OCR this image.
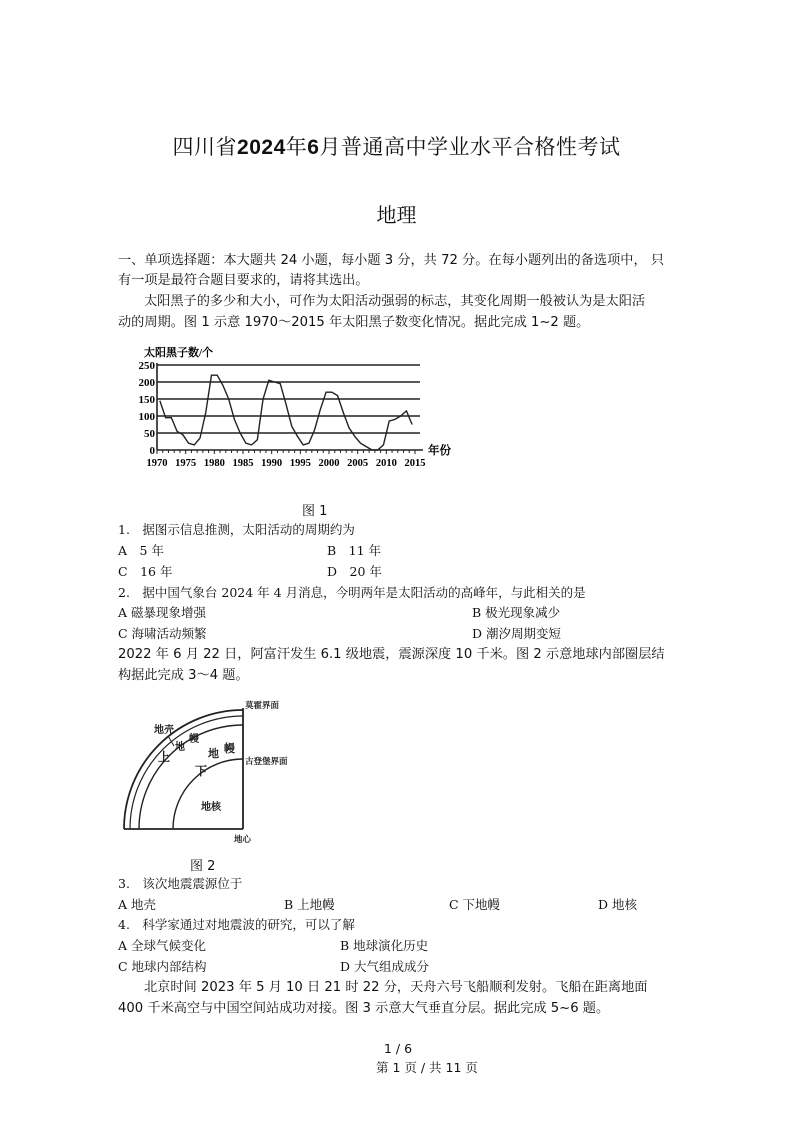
四川省2024年6月普通高中学业水平合格性考试
地理
一、单项选择题：本大题共 24 小题，每小题 3 分，共 72 分。在每小题列出的备选项中， 只
有一项是最符合题目要求的，请将其选出。
太阳黑子的多少和大小，可作为太阳活动强弱的标志，其变化周期一般被认为是太阳活
动的周期。图 1 示意 1970～2015 年太阳黑子数变化情况。据此完成 1~2 题。
太阳黑子数/个
0
50
100
150
200
250
1970 1975 1980 1985 1990 1995 2000 2005 2010 2015
年份
图 1
1.　据图示信息推测，太阳活动的周期约为
A　5 年	B　11 年
C　16 年	D　20 年
2.　据中国气象台 2024 年 4 月消息，今明两年是太阳活动的高峰年，与此相关的是
A 磁暴现象增强	B 极光现象减少
C 海啸活动频繁	D 潮汐周期变短
2022 年 6 月 22 日，阿富汗发生 6.1 级地震，震源深度 10 千米。图 2 示意地球内部圈层结
构据此完成 3～4 题。
地壳
上
地
幔
下
地 幔
地核
莫霍界面
古登堡界面
地心
图 2
3.　该次地震震源位于
A 地壳	B 上地幔	C 下地幔	D 地核
4.　科学家通过对地震波的研究，可以了解
A 全球气候变化	B 地球演化历史
C 地球内部结构	D 大气组成成分
北京时间 2023 年 5 月 10 日 21 时 22 分，天舟六号飞船顺利发射。飞船在距离地面
400 千米高空与中国空间站成功对接。图 3 示意大气垂直分层。据此完成 5~6 题。
1 / 6
第 1 页 / 共 11 页
